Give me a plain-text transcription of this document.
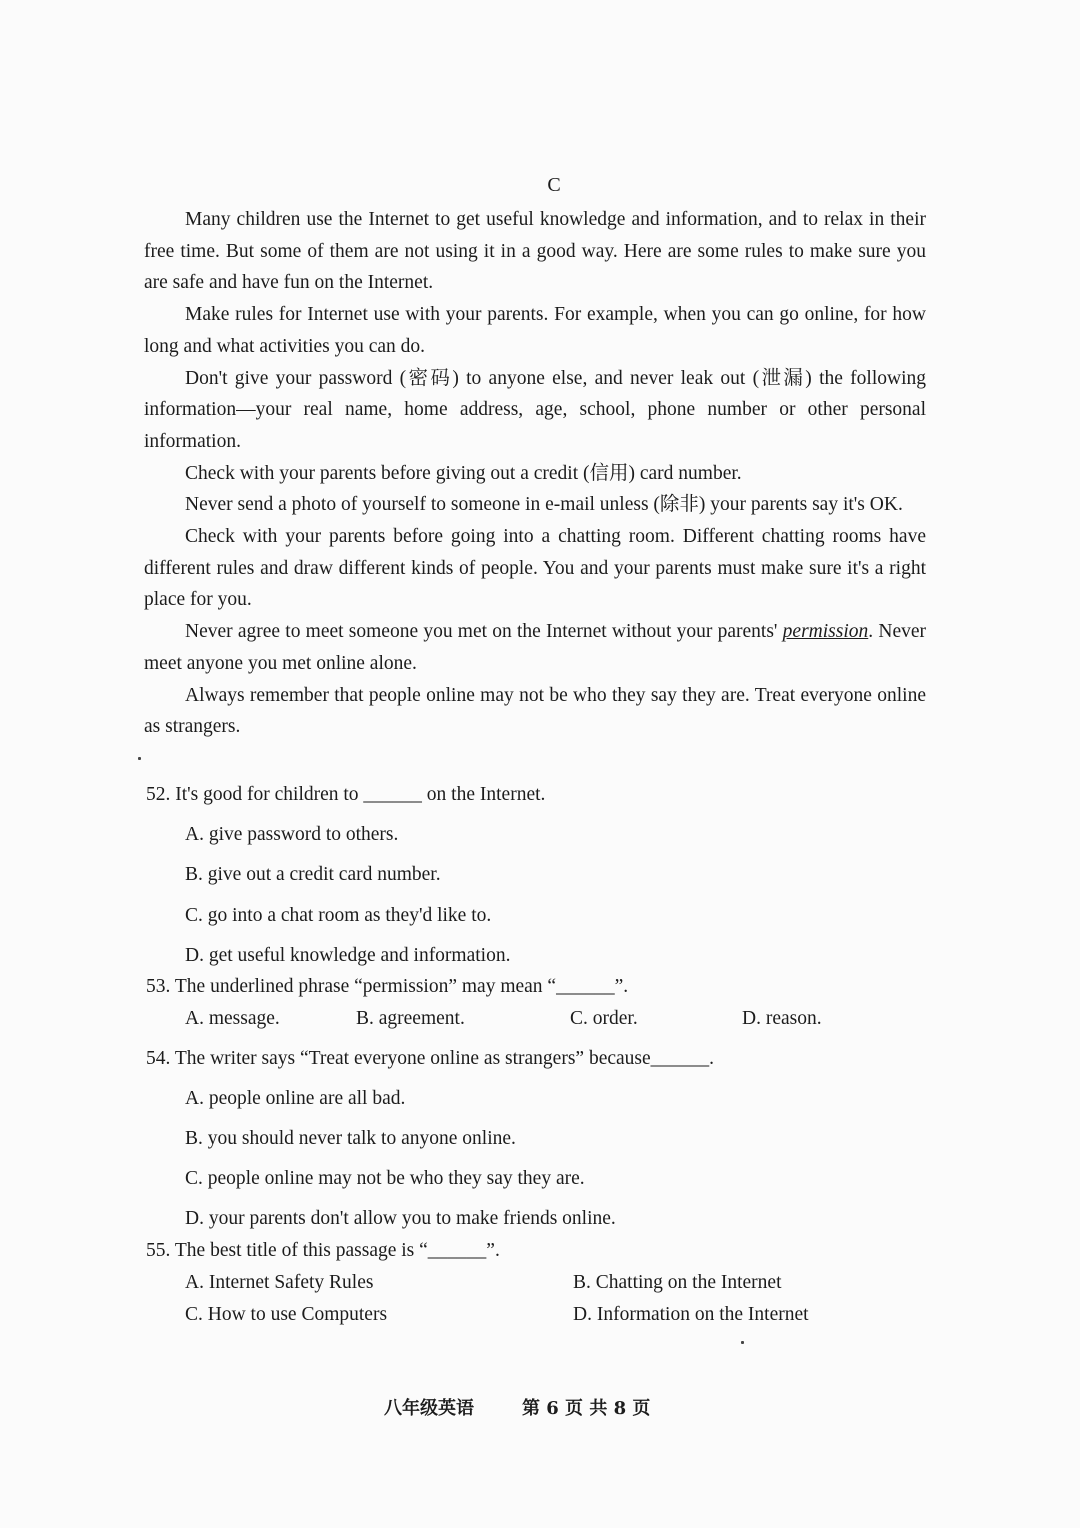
C

Many children use the Internet to get useful knowledge and information, and to relax in their free time. But some of them are not using it in a good way. Here are some rules to make sure you are safe and have fun on the Internet.

Make rules for Internet use with your parents. For example, when you can go online, for how long and what activities you can do.

Don't give your password (密码) to anyone else, and never leak out (泄漏) the following information—your real name, home address, age, school, phone number or other personal information.

Check with your parents before giving out a credit (信用) card number.

Never send a photo of yourself to someone in e-mail unless (除非) your parents say it's OK.

Check with your parents before going into a chatting room. Different chatting rooms have different rules and draw different kinds of people. You and your parents must make sure it's a right place for you.

Never agree to meet someone you met on the Internet without your parents' permission. Never meet anyone you met online alone.

Always remember that people online may not be who they say they are. Treat everyone online as strangers.

52. It's good for children to ______ on the Internet.
A. give password to others.
B. give out a credit card number.
C. go into a chat room as they'd like to.
D. get useful knowledge and information.
53. The underlined phrase “permission” may mean “______”.
A. message.	B. agreement.	C. order.	D. reason.
54. The writer says “Treat everyone online as strangers” because______.
A. people online are all bad.
B. you should never talk to anyone online.
C. people online may not be who they say they are.
D. your parents don't allow you to make friends online.
55. The best title of this passage is “______”.
A. Internet Safety Rules	B. Chatting on the Internet
C. How to use Computers	D. Information on the Internet
八年级英语	第 6 页 共 8 页
